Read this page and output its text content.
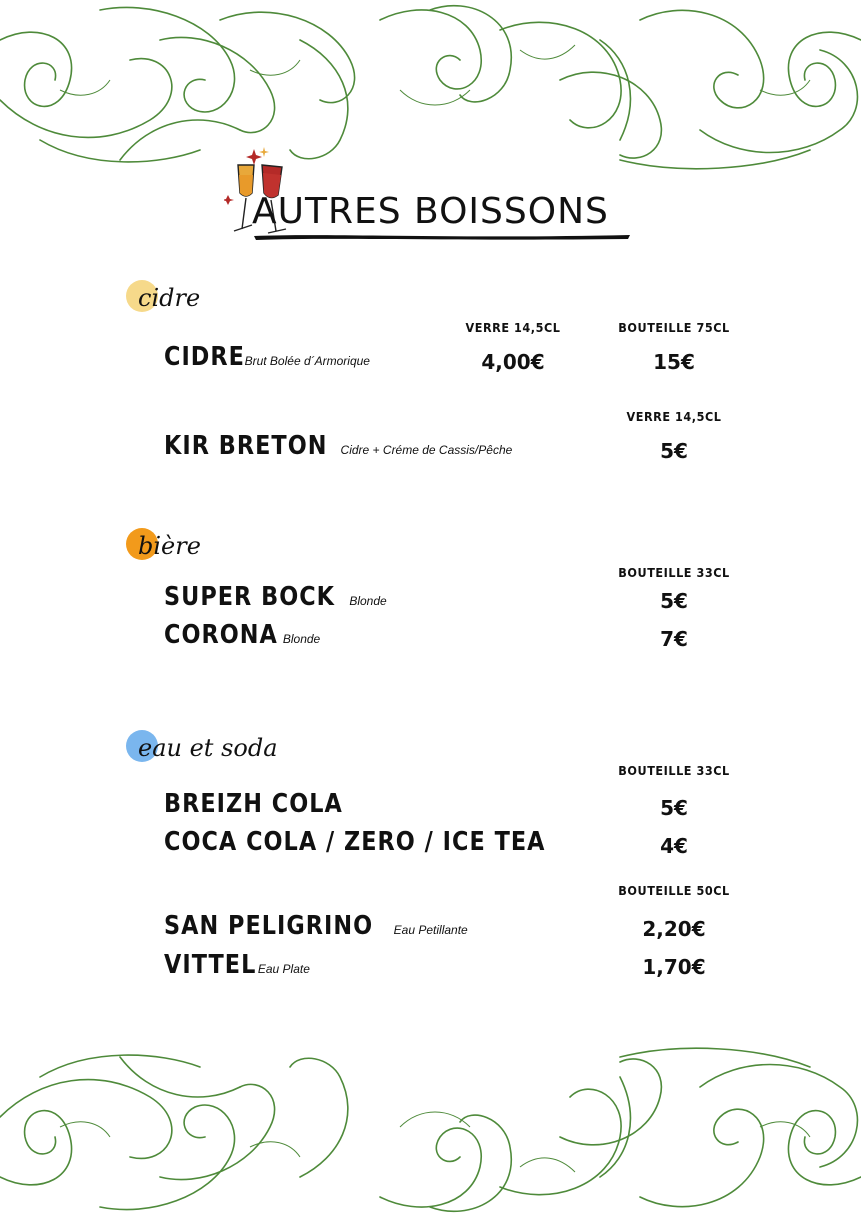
AUTRES BOISSONS
cidre
VERRE 14,5CL	BOUTEILLE 75CL
CIDRE Brut Bolée d´Armorique	4,00€	15€
VERRE 14,5CL
KIR BRETON Cidre + Créme de Cassis/Pêche	5€
bière
BOUTEILLE 33CL
SUPER BOCK Blonde	5€
CORONA Blonde	7€
eau et soda
BOUTEILLE 33CL
BREIZH COLA	5€
COCA COLA / ZERO / ICE TEA	4€
BOUTEILLE 50CL
SAN PELIGRINO Eau Petillante	2,20€
VITTEL Eau Plate	1,70€
